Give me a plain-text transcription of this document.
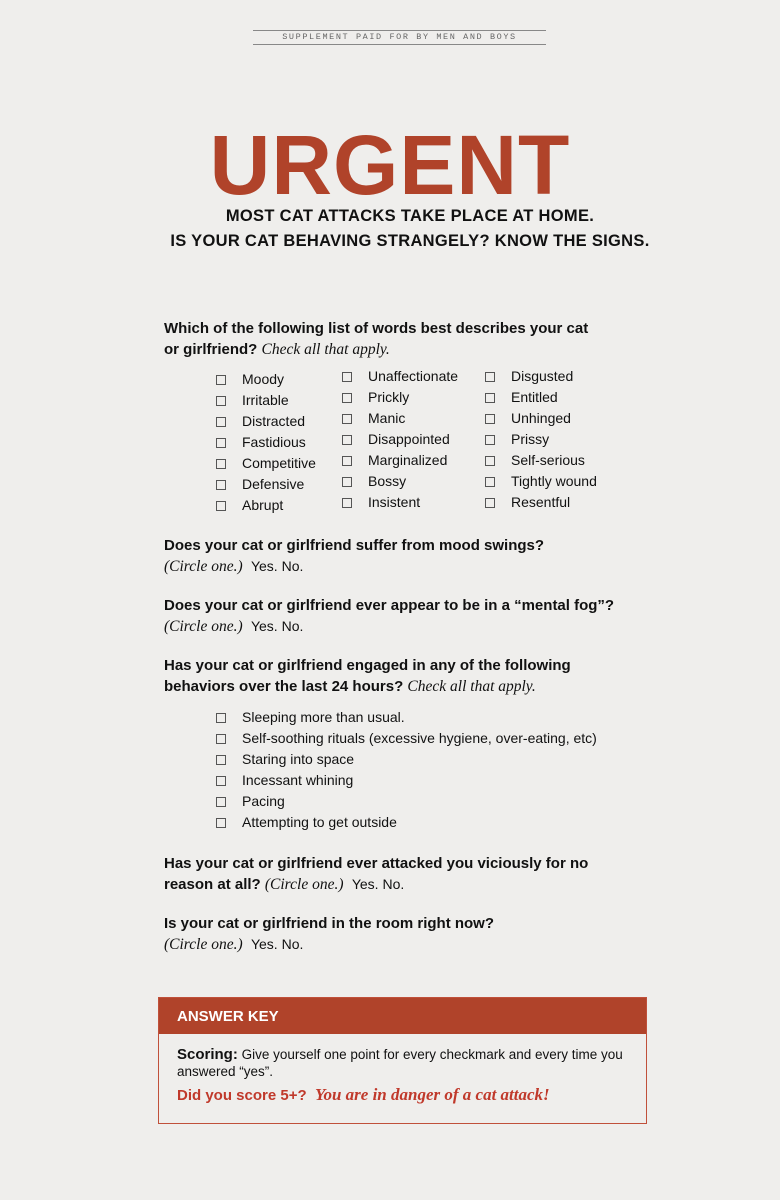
SUPPLEMENT PAID FOR BY MEN AND BOYS
URGENT
MOST CAT ATTACKS TAKE PLACE AT HOME.
IS YOUR CAT BEHAVING STRANGELY? KNOW THE SIGNS.
Which of the following list of words best describes your cat
or girlfriend? Check all that apply.
Moody
Irritable
Distracted
Fastidious
Competitive
Defensive
Abrupt
Unaffectionate
Prickly
Manic
Disappointed
Marginalized
Bossy
Insistent
Disgusted
Entitled
Unhinged
Prissy
Self-serious
Tightly wound
Resentful
Does your cat or girlfriend suffer from mood swings?
(Circle one.) Yes. No.
Does your cat or girlfriend ever appear to be in a “mental fog”?
(Circle one.) Yes. No.
Has your cat or girlfriend engaged in any of the following
behaviors over the last 24 hours? Check all that apply.
Sleeping more than usual.
Self-soothing rituals (excessive hygiene, over-eating, etc)
Staring into space
Incessant whining
Pacing
Attempting to get outside
Has your cat or girlfriend ever attacked you viciously for no
reason at all? (Circle one.) Yes. No.
Is your cat or girlfriend in the room right now?
(Circle one.) Yes. No.
ANSWER KEY
Scoring: Give yourself one point for every checkmark and every time you answered “yes”.
Did you score 5+? You are in danger of a cat attack!
